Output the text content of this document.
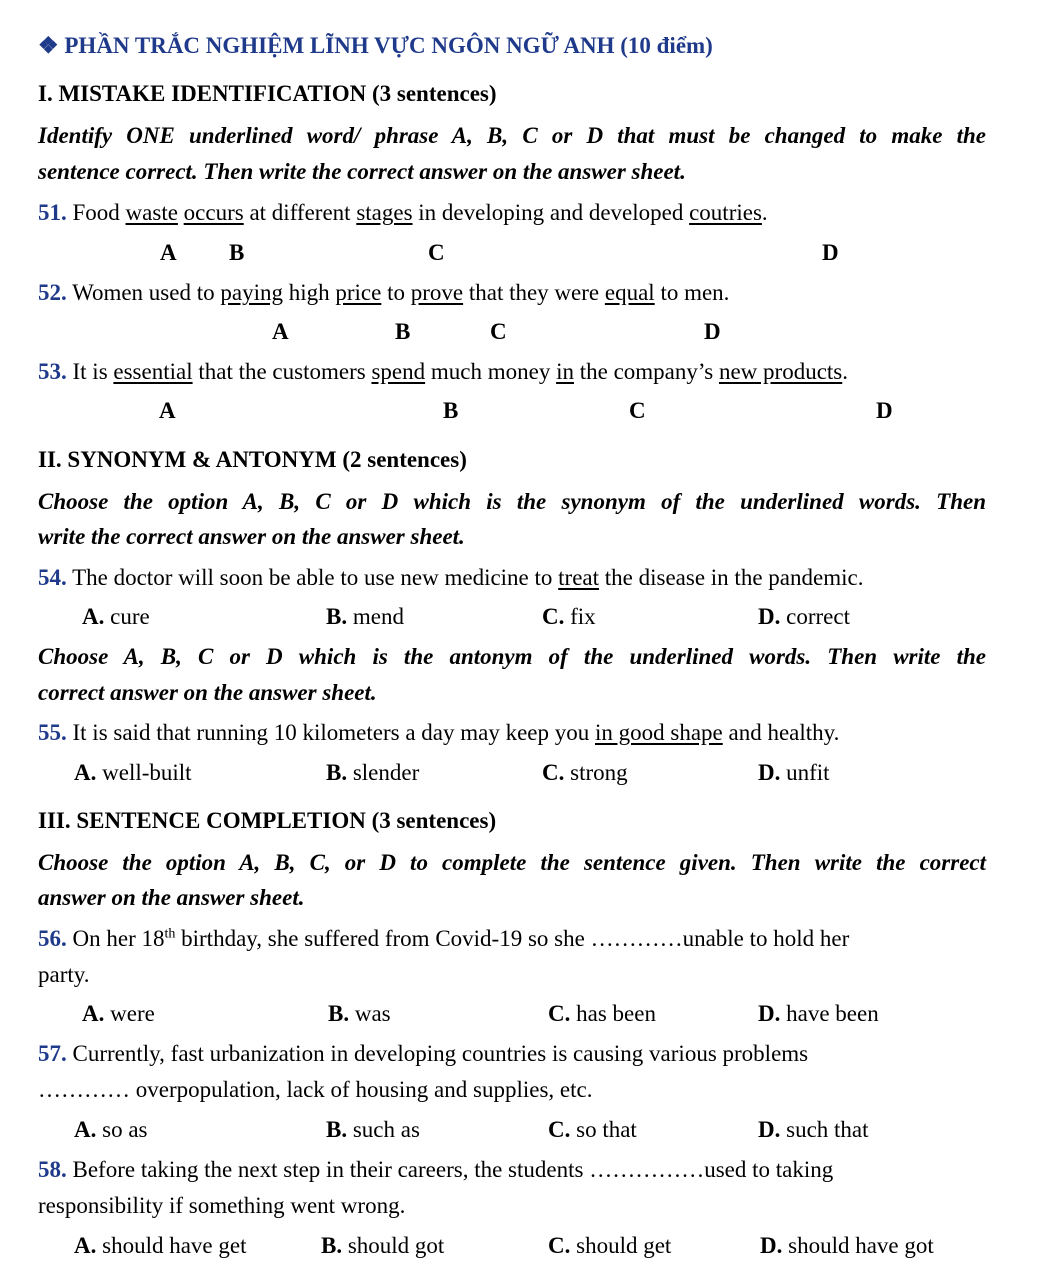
❖ PHẦN TRẮC NGHIỆM LĨNH VỰC NGÔN NGỮ ANH (10 điểm)
I. MISTAKE IDENTIFICATION (3 sentences)
Identify ONE underlined word/ phrase A, B, C or D that must be changed to make the
sentence correct. Then write the correct answer on the answer sheet.
51. Food waste occurs at different stages in developing and developed coutries.
A B	C	D
52. Women used to paying high price to prove that they were equal to men.
A	B	C	D
53. It is essential that the customers spend much money in the company’s new products.
A	B	C	D
II. SYNONYM & ANTONYM (2 sentences)
Choose the option A, B, C or D which is the synonym of the underlined words. Then
write the correct answer on the answer sheet.
54. The doctor will soon be able to use new medicine to treat the disease in the pandemic.
A. cure	B. mend	C. fix	D. correct
Choose A, B, C or D which is the antonym of the underlined words. Then write the
correct answer on the answer sheet.
55. It is said that running 10 kilometers a day may keep you in good shape and healthy.
A. well-built	B. slender	C. strong	D. unfit
III. SENTENCE COMPLETION (3 sentences)
Choose the option A, B, C, or D to complete the sentence given. Then write the correct
answer on the answer sheet.
56. On her 18th birthday, she suffered from Covid-19 so she …………unable to hold her
party.
A. were	B. was	C. has been	D. have been
57. Currently, fast urbanization in developing countries is causing various problems
………… overpopulation, lack of housing and supplies, etc.
A. so as	B. such as	C. so that	D. such that
58. Before taking the next step in their careers, the students ……………used to taking
responsibility if something went wrong.
A. should have get	B. should got	C. should get	D. should have got
